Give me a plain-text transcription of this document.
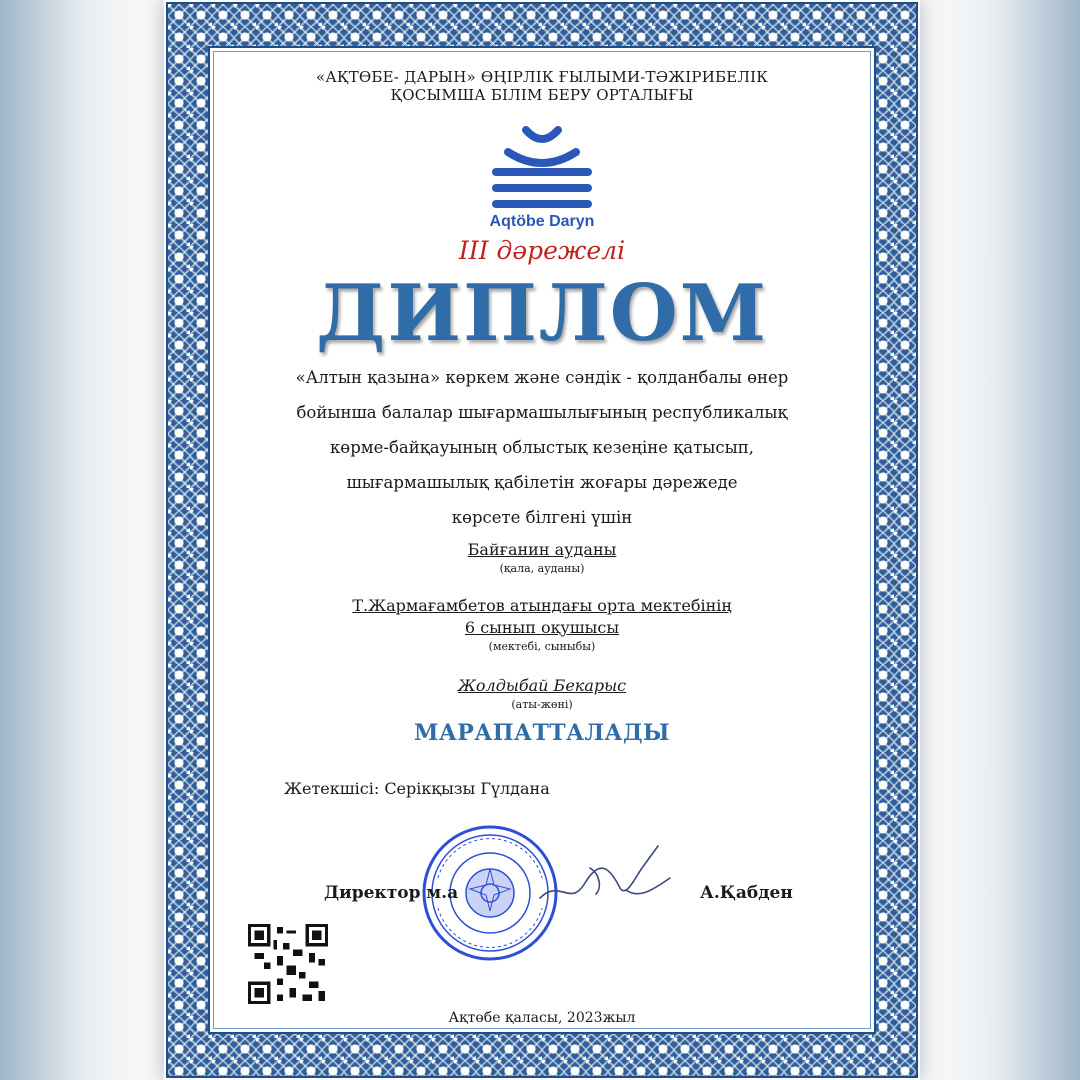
«АҚТӨБЕ- ДАРЫН» ӨҢІРЛІК ҒЫЛЫМИ-ТӘЖІРИБЕЛІК
ҚОСЫМША БІЛІМ БЕРУ ОРТАЛЫҒЫ
Aqtöbe Daryn
III дәрежелі
ДИПЛОМ
«Алтын қазына» көркем және сәндік - қолданбалы өнер
бойынша балалар шығармашылығының республикалық
көрме-байқауының облыстық кезеңіне қатысып,
шығармашылық қабілетін жоғары дәрежеде
көрсете білгені үшін
Байғанин ауданы
(қала, ауданы)
Т.Жармағамбетов атындағы орта мектебінің
6 сынып оқушысы
(мектебі, сыныбы)
Жолдыбай Бекарыс
(аты-жөні)
МАРАПАТТАЛАДЫ
Жетекшісі: Серікқызы Гүлдана
Директор м.а	А.Қабден
Ақтөбе қаласы, 2023жыл
